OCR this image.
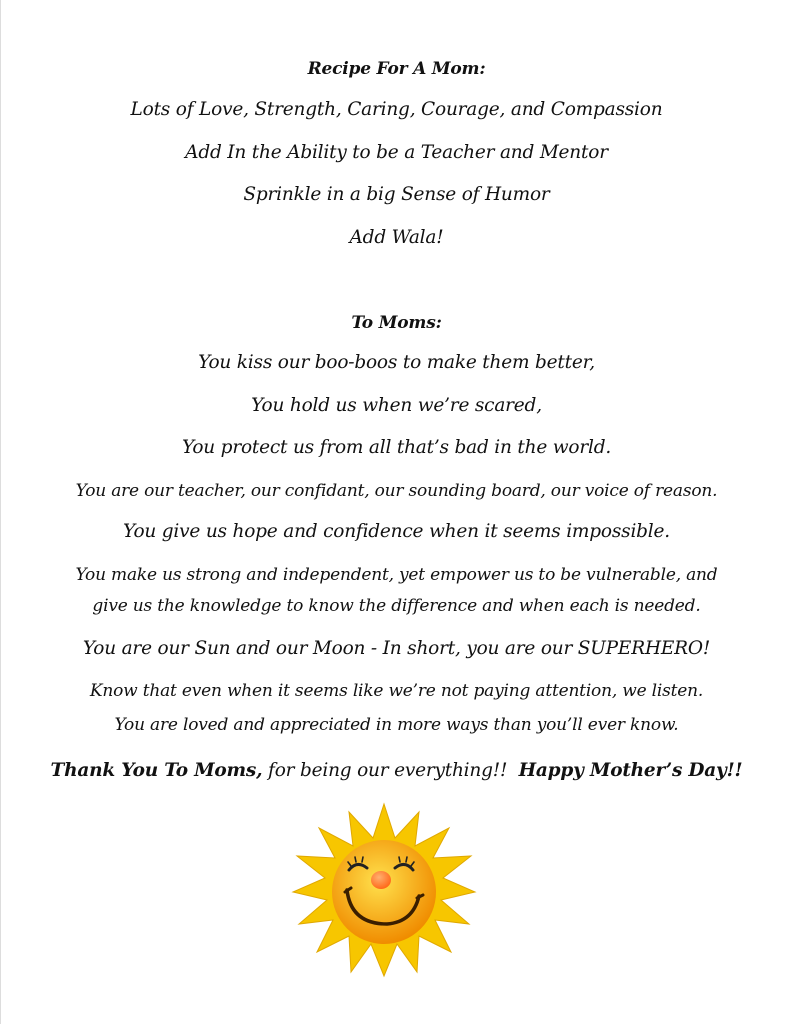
Recipe For A Mom:
Lots of Love, Strength, Caring, Courage, and Compassion
Add In the Ability to be a Teacher and Mentor
Sprinkle in a big Sense of Humor
Add Wala!
To Moms:
You kiss our boo-boos to make them better,
You hold us when we’re scared,
You protect us from all that’s bad in the world.
You are our teacher, our confidant, our sounding board, our voice of reason.
You give us hope and confidence when it seems impossible.
You make us strong and independent, yet empower us to be vulnerable, and
give us the knowledge to know the difference and when each is needed.
You are our Sun and our Moon - In short, you are our SUPERHERO!
Know that even when it seems like we’re not paying attention, we listen.
You are loved and appreciated in more ways than you’ll ever know.
Thank You To Moms, for being our everything!!  Happy Mother’s Day!!
